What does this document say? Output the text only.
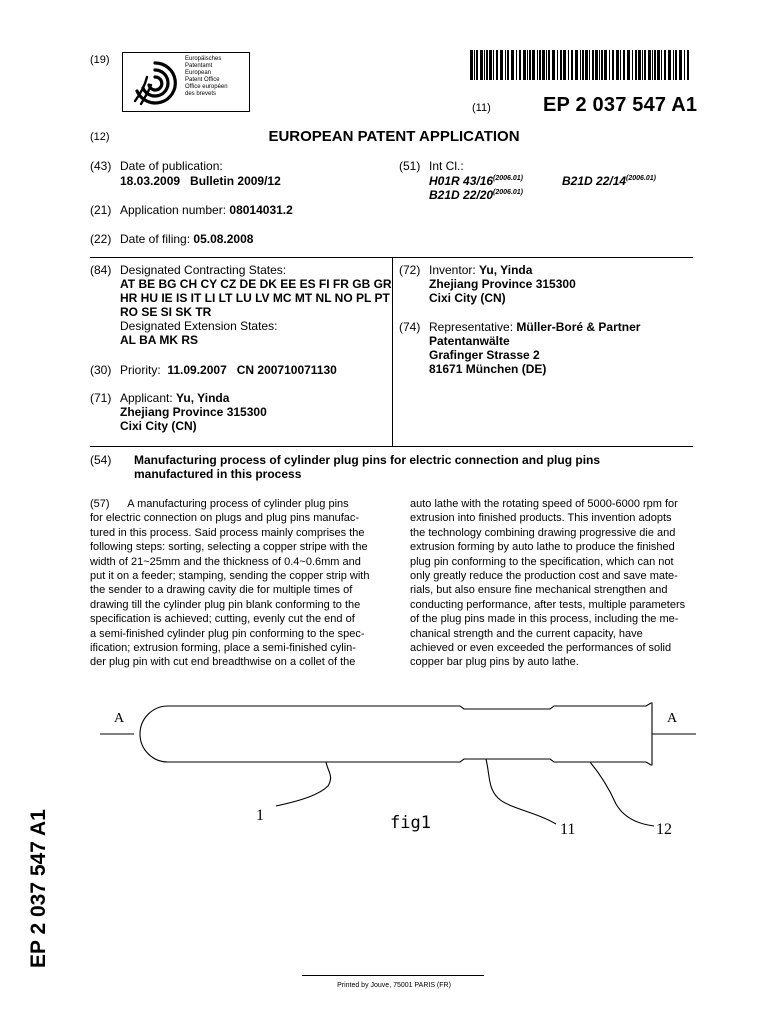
(19)	Europäisches
Patentamt
European
Patent Office
Office européen
des brevets
(11)	EP 2 037 547 A1
(12)	EUROPEAN PATENT APPLICATION
(43) Date of publication:
18.03.2009   Bulletin 2009/12
(51) Int Cl.:
H01R $43/16^{(2006.01)}$	B21D $22/14^{(2006.01)}$
B21D $22/20^{(2006.01)}$
(21) Application number: 08014031.2
(22) Date of filing: 05.08.2008
(84) Designated Contracting States:
AT BE BG CH CY CZ DE DK EE ES FI FR GB GR
HR HU IE IS IT LI LT LU LV MC MT NL NO PL PT
RO SE SI SK TR
Designated Extension States:
AL BA MK RS
(30) Priority: 11.09.2007   CN 200710071130
(71) Applicant: Yu, Yinda
Zhejiang Province 315300
Cixi City (CN)
(72) Inventor: Yu, Yinda
Zhejiang Province 315300
Cixi City (CN)
(74) Representative: Müller-Boré & Partner
Patentanwälte
Grafinger Strasse 2
81671 München (DE)
(54) Manufacturing process of cylinder plug pins for electric connection and plug pins
manufactured in this process
(57) A manufacturing process of cylinder plug pins
for electric connection on plugs and plug pins manufac-
tured in this process. Said process mainly comprises the
following steps: sorting, selecting a copper stripe with the
width of 21~25mm and the thickness of 0.4~0.6mm and
put it on a feeder; stamping, sending the copper strip with
the sender to a drawing cavity die for multiple times of
drawing till the cylinder plug pin blank conforming to the
specification is achieved; cutting, evenly cut the end of
a semi-finished cylinder plug pin conforming to the spec-
ification; extrusion forming, place a semi-finished cylin-
der plug pin with cut end breadthwise on a collet of the
auto lathe with the rotating speed of 5000-6000 rpm for
extrusion into finished products. This invention adopts
the technology combining drawing progressive die and
extrusion forming by auto lathe to produce the finished
plug pin conforming to the specification, which can not
only greatly reduce the production cost and save mate-
rials, but also ensure fine mechanical strengthen and
conducting performance, after tests, multiple parameters
of the plug pins made in this process, including the me-
chanical strength and the current capacity, have
achieved or even exceeded the performances of solid
copper bar plug pins by auto lathe.
A	A
1	fig1	11	12
EP 2 037 547 A1
Printed by Jouve, 75001 PARIS (FR)
